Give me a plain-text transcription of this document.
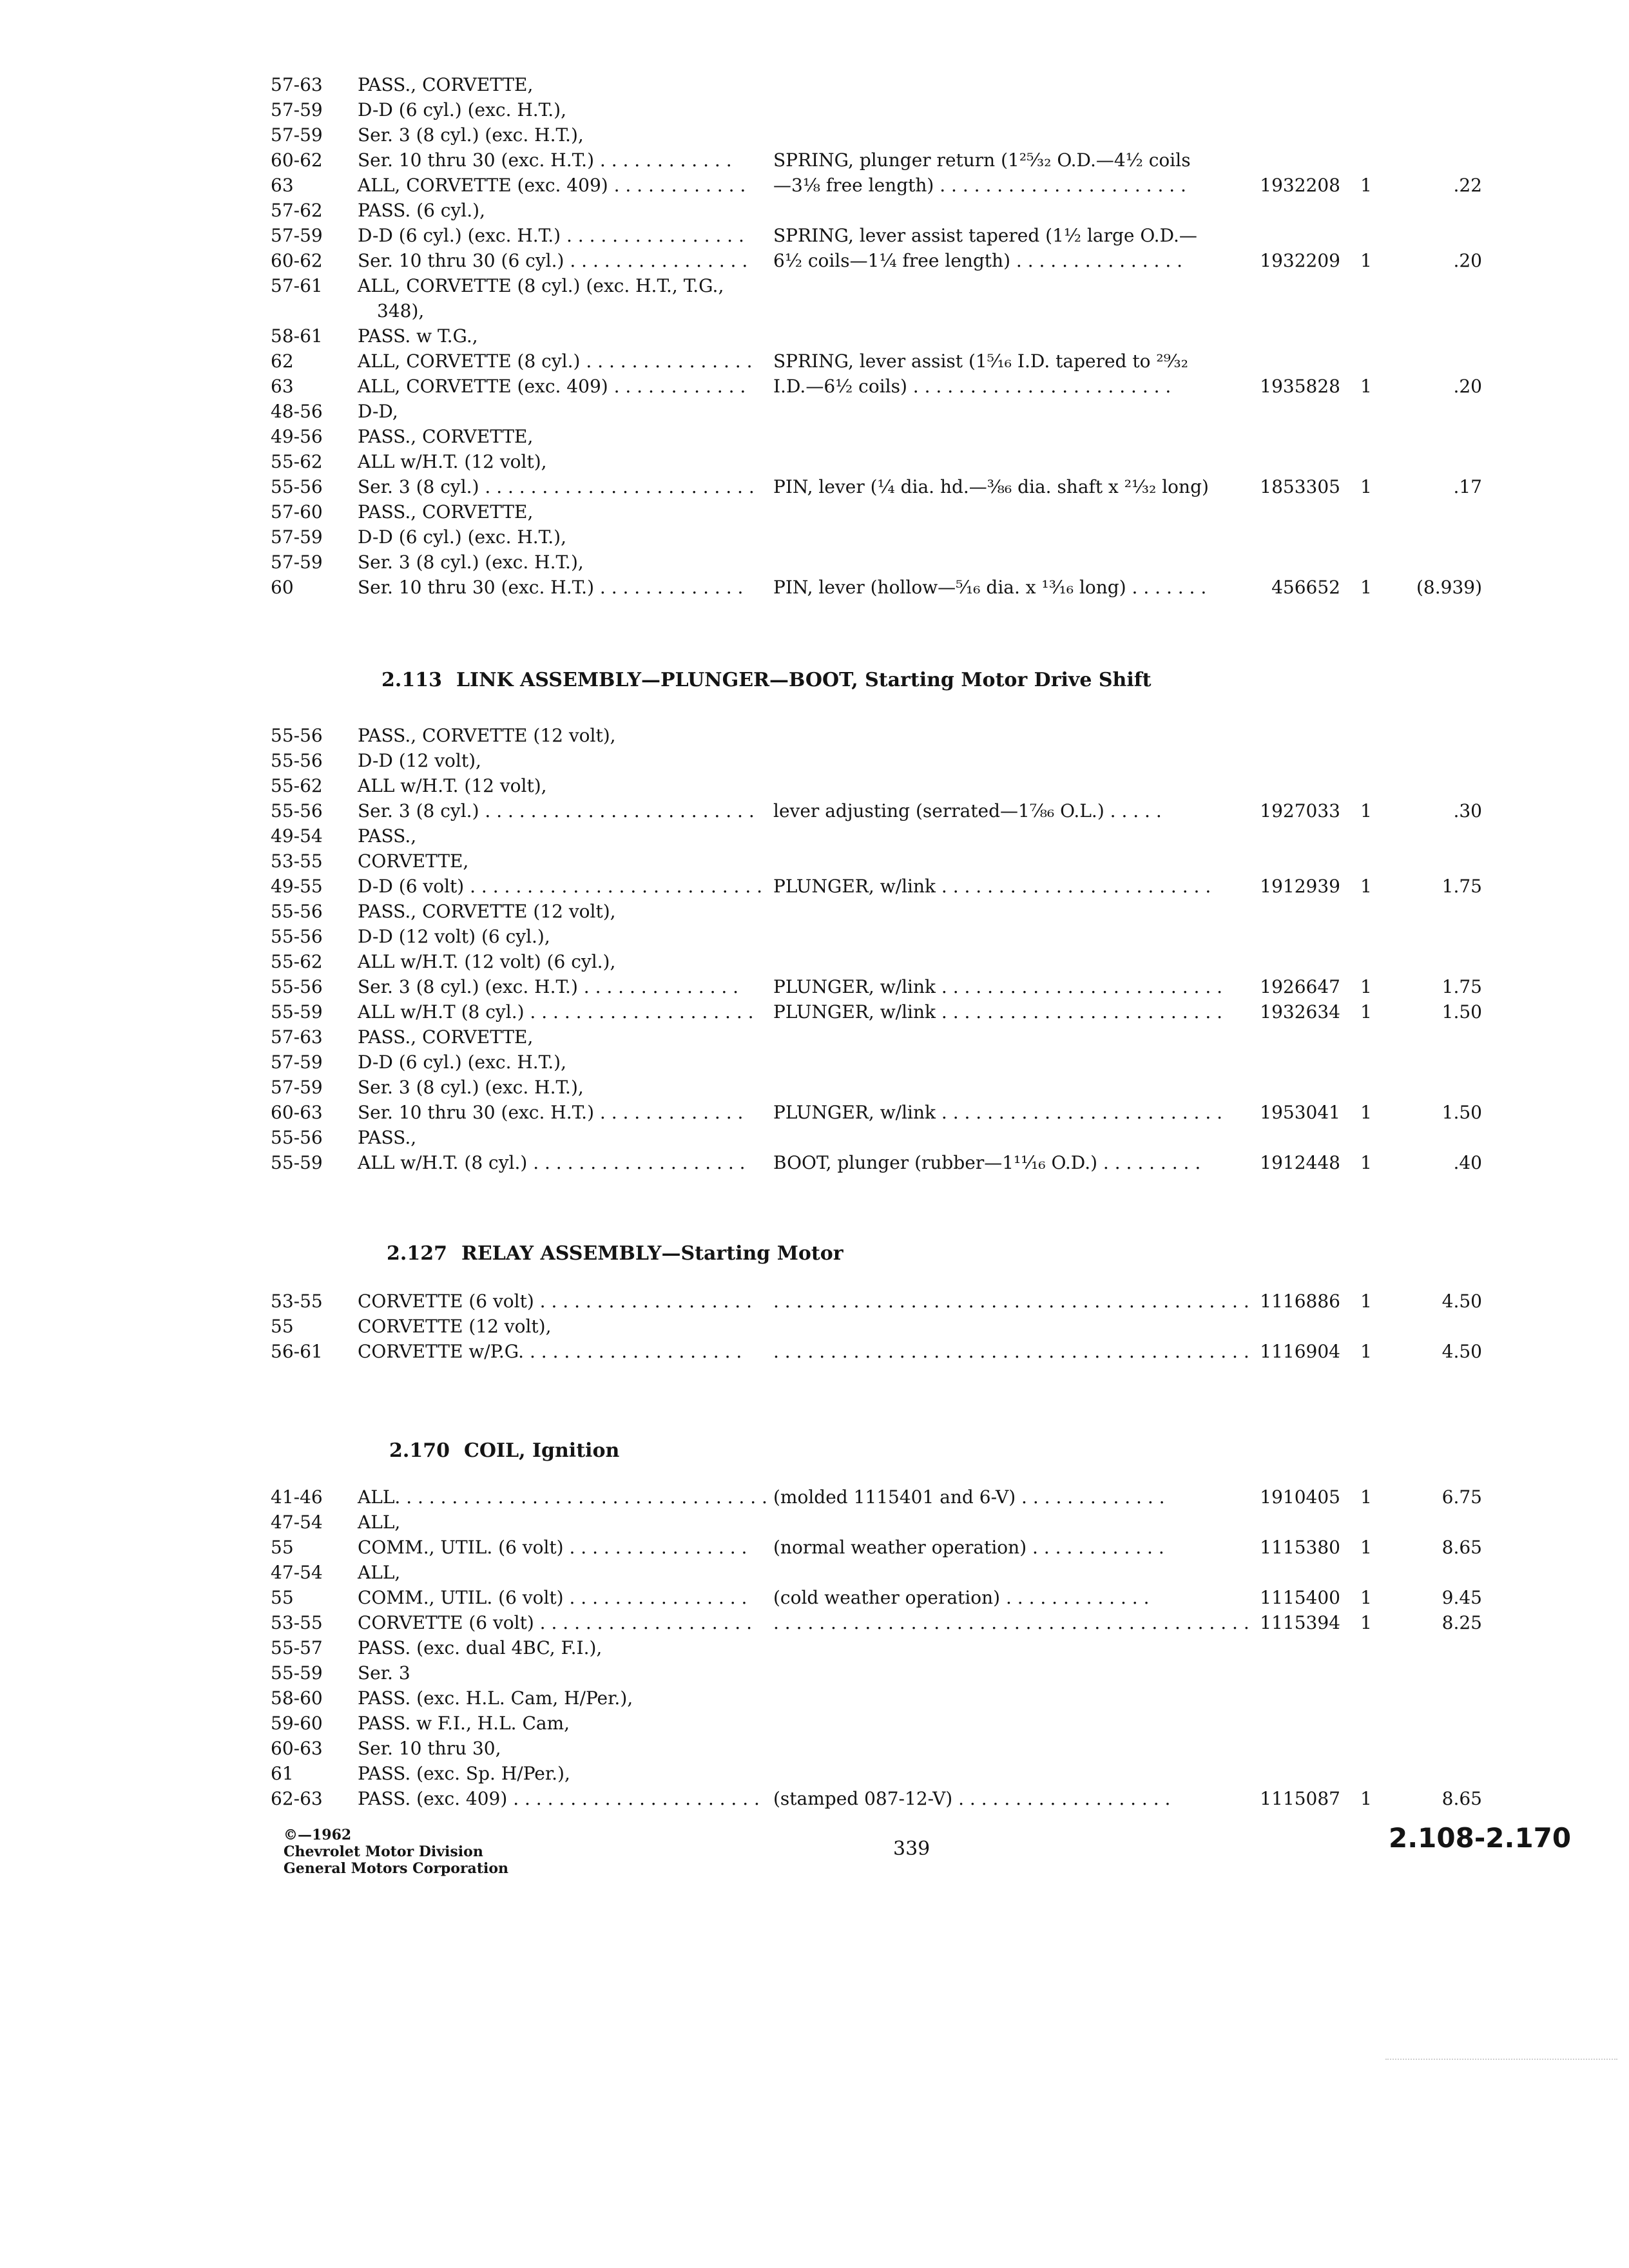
57-63	PASS., CORVETTE,
57-59	D-D (6 cyl.) (exc. H.T.),
57-59	Ser. 3 (8 cyl.) (exc. H.T.),
60-62	Ser. 10 thru 30 (exc. H.T.) . . . . . . . . . . . .	SPRING, plunger return (1²⁵⁄₃₂ O.D.—4½ coils
63	ALL, CORVETTE (exc. 409) . . . . . . . . . . . .	—3⅛ free length) . . . . . . . . . . . . . . . . . . . . . .	1932208	1	.22
57-62	PASS. (6 cyl.),
57-59	D-D (6 cyl.) (exc. H.T.) . . . . . . . . . . . . . . . .	SPRING, lever assist tapered (1½ large O.D.—
60-62	Ser. 10 thru 30 (6 cyl.) . . . . . . . . . . . . . . . .	6½ coils—1¼ free length) . . . . . . . . . . . . . . .	1932209	1	.20
57-61	ALL, CORVETTE (8 cyl.) (exc. H.T., T.G.,
348),
58-61	PASS. w T.G.,
62	ALL, CORVETTE (8 cyl.) . . . . . . . . . . . . . . .	SPRING, lever assist (1⁵⁄₁₆ I.D. tapered to ²⁹⁄₃₂
63	ALL, CORVETTE (exc. 409) . . . . . . . . . . . .	I.D.—6½ coils) . . . . . . . . . . . . . . . . . . . . . . .	1935828	1	.20
48-56	D-D,
49-56	PASS., CORVETTE,
55-62	ALL w/H.T. (12 volt),
55-56	Ser. 3 (8 cyl.) . . . . . . . . . . . . . . . . . . . . . . . .	PIN, lever (¼ dia. hd.—⅜₆ dia. shaft x ²¹⁄₃₂ long)	1853305	1	.17
57-60	PASS., CORVETTE,
57-59	D-D (6 cyl.) (exc. H.T.),
57-59	Ser. 3 (8 cyl.) (exc. H.T.),
60	Ser. 10 thru 30 (exc. H.T.) . . . . . . . . . . . . .	PIN, lever (hollow—⁵⁄₁₆ dia. x ¹³⁄₁₆ long) . . . . . . .	456652	1	(8.939)
2.113 LINK ASSEMBLY—PLUNGER—BOOT, Starting Motor Drive Shift
55-56	PASS., CORVETTE (12 volt),
55-56	D-D (12 volt),
55-62	ALL w/H.T. (12 volt),
55-56	Ser. 3 (8 cyl.) . . . . . . . . . . . . . . . . . . . . . . . .	lever adjusting (serrated—1⅞₆ O.L.) . . . . .	1927033	1	.30
49-54	PASS.,
53-55	CORVETTE,
49-55	D-D (6 volt) . . . . . . . . . . . . . . . . . . . . . . . . . . PLUNGER, w/link . . . . . . . . . . . . . . . . . . . . . . . .	1912939	1	1.75
55-56	PASS., CORVETTE (12 volt),
55-56	D-D (12 volt) (6 cyl.),
55-62	ALL w/H.T. (12 volt) (6 cyl.),
55-56	Ser. 3 (8 cyl.) (exc. H.T.) . . . . . . . . . . . . . .	PLUNGER, w/link . . . . . . . . . . . . . . . . . . . . . . . . .	1926647	1	1.75
55-59	ALL w/H.T (8 cyl.) . . . . . . . . . . . . . . . . . . . .	PLUNGER, w/link . . . . . . . . . . . . . . . . . . . . . . . . .	1932634	1	1.50
57-63	PASS., CORVETTE,
57-59	D-D (6 cyl.) (exc. H.T.),
57-59	Ser. 3 (8 cyl.) (exc. H.T.),
60-63	Ser. 10 thru 30 (exc. H.T.) . . . . . . . . . . . . .	PLUNGER, w/link . . . . . . . . . . . . . . . . . . . . . . . . .	1953041	1	1.50
55-56	PASS.,
55-59	ALL w/H.T. (8 cyl.) . . . . . . . . . . . . . . . . . . .	BOOT, plunger (rubber—1¹¹⁄₁₆ O.D.) . . . . . . . . .	1912448	1	.40
2.127 RELAY ASSEMBLY—Starting Motor
53-55	CORVETTE (6 volt) . . . . . . . . . . . . . . . . . . .	. . . . . . . . . . . . . . . . . . . . . . . . . . . . . . . . . . . . . . . . . . 1116886	1	4.50
55	CORVETTE (12 volt),
56-61	CORVETTE w/P.G. . . . . . . . . . . . . . . . . . . .	. . . . . . . . . . . . . . . . . . . . . . . . . . . . . . . . . . . . . . . . . . 1116904	1	4.50
2.170 COIL, Ignition
41-46	ALL. . . . . . . . . . . . . . . . . . . . . . . . . . . . . . . . . (molded 1115401 and 6-V) . . . . . . . . . . . . .	1910405	1	6.75
47-54	ALL,
55	COMM., UTIL. (6 volt) . . . . . . . . . . . . . . . .	(normal weather operation) . . . . . . . . . . . .	1115380	1	8.65
47-54	ALL,
55	COMM., UTIL. (6 volt) . . . . . . . . . . . . . . . .	(cold weather operation) . . . . . . . . . . . . .	1115400	1	9.45
53-55	CORVETTE (6 volt) . . . . . . . . . . . . . . . . . . .	. . . . . . . . . . . . . . . . . . . . . . . . . . . . . . . . . . . . . . . . . . 1115394	1	8.25
55-57	PASS. (exc. dual 4BC, F.I.),
55-59	Ser. 3
58-60	PASS. (exc. H.L. Cam, H/Per.),
59-60	PASS. w F.I., H.L. Cam,
60-63	Ser. 10 thru 30,
61	PASS. (exc. Sp. H/Per.),
62-63	PASS. (exc. 409) . . . . . . . . . . . . . . . . . . . . . . (stamped 087-12-V) . . . . . . . . . . . . . . . . . . .	1115087	1	8.65
©—1962
Chevrolet Motor Division
General Motors Corporation
339	2.108-2.170
